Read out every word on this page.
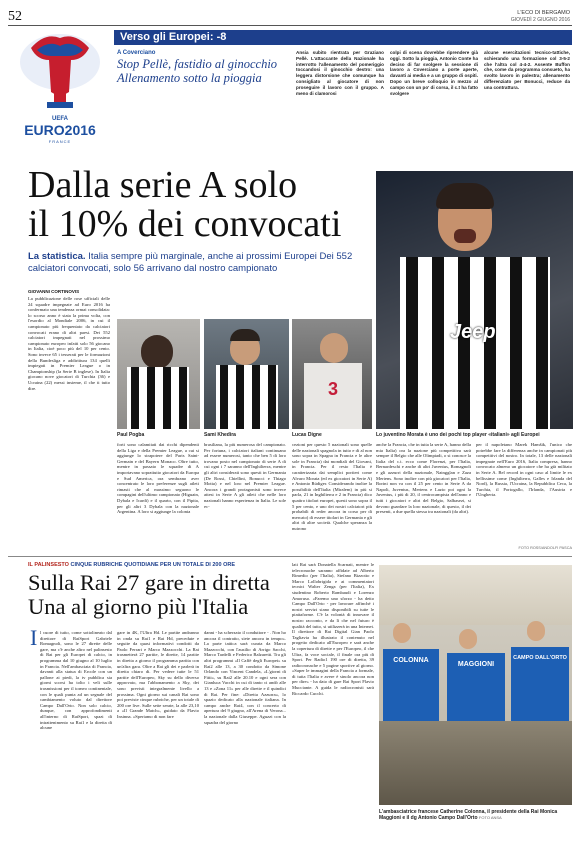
52	L'ECO DI BERGAMO
GIOVEDÌ 2 GIUGNO 2016
UEFA
EURO2016
FRANCE
Verso gli Europei: -8
A Coverciano
Stop Pellè, fastidio al ginocchio
Allenamento sotto la pioggia

Ansia subito rientrata per Graziano Pellè. L'attaccante della Nazionale ha interrotto l'allenamento del pomeriggio toccandosi il ginocchio destro: una leggera distorsione che comunque ha consigliato al giocatore di non proseguire il lavoro con il gruppo. A meno di clamorosi

colpi di scena dovrebbe riprendere già oggi. Sotto la pioggia, Antonio Conte ha deciso di far svolgere la sessione di lavoro a Coverciano a porte aperte, davanti ai media e a un gruppo di ospiti. Dopo un breve colloquio in mezzo al campo con un po' di corsa, il c.t ha fatto svolgere

alcune esercitazioni tecnico-tattiche, schierando una formazione col 3-5-2 che l'altra col 4-4-2. Assente Buffon che, come da programma consueto, ha svolto lavoro in palestra; allenamento differenziato per Bonucci, reduce da una contrattura.

Dalla serie A solo
il 10% dei convocati
La statistica. Italia sempre più marginale, anche ai prossimi Europei Dei 552 calciatori convocati, solo 56 arrivano dal nostro campionato
GIOVANNI CORTINOVIS

La pubblicazione delle rose ufficiali delle 24 squadre impegnate ad Euro 2016 ha confermato una tendenza ormai consolidata: lo scorso anno è stata la prima volta, con l'esordio al Mondiale 2006, in cui il campionato più frequentato da calciatori convocati erano di altri paesi. Dei 552 calciatori impegnati nel prossimo campionato europeo infatti solo 56 giocano in Italia, cioè poco più del 10 per cento. Sono invece 65 i tesserati per le formazioni della Bundesliga e addirittura 134 quelli impiegati in Premier League o in Championship (la Serie B inglese). In Italia giocano nove giocatori di Turchia (36) e Ucraina (22) messi insieme, il che ti tutto dire.

Paul Pogba	Sami Khedira
3
Lucas Digne
Jeep
Lo juventino Morata è uno dei pochi top player «italiani» agli Europei

forti sono calamitati dai ricchi dipendenti della Liga e della Premier League, a cui si aggiunge lo strapotere del Paris Saint-Germain e del Bayern Monaco. Oltre tutto, mentre in passato le squadre di A importavano soprattutto giocatori da Europa e Sud America, ora sembrano aver concentrato le loro preferenze sugli atleti rimasti che al massimo seguono le compagini dell'ultimo campionato (Higuain, Dybala e Icardi) e il quarto, con il Pipita, per gli altri 3 Dybala con la nazionale Argentina. A loro si aggiunge la colonia

brasiliana, la più numerosa del campionato. Per fortuna, i calciatori italiani continuano ad essere numerosi, tanto che ben 5 di loro trovano posto nel campionato di serie A di cui ogni i 7 saranno dell'Inghilterra, mentre gli altri considerati sono questi in Germania (De Rossi, Chiellini, Bonucci e Thiago Motta) e nel loro nel Premier League. Ancora i grandi protagonisti sono invece attesi in Serie A gli atleti che nelle loro nazionali hanno esperienza in Italia. Le sole ec-

cezioni per questo 5 nazionali sono quelle delle nazionali spagnola in tutto e di al non sono sopra in Spagna in Francia e le altre sole in Francia) dai mondiali del Giovani, in Francia. Per il resto l'Italia è caratterizzata dai semplici portieri come Alvaro Morata (ed ex giocatori in Serie A) e Antonio Rüdiger. Considerando inoltre la possibilità dell'Italia (Miralem) in più si parla, 21 in Inghilterra e 2 in Francia) dico quattro titolari europei, questi sono sopra il 5 per cento, e uno dei nostri calciatori più probabili di reder ancora in corso per di mercato) di essere titolari in Germania e gli altri di altre società. Qualche speranza la nutrono

anche la Francia, che in tutta la serie A, hanno della mia Italia) ora la nazione più competitiva sarà sempre il Belgio che alle Olimpiadi, o si conosce la Italia del c.t. ecco come Florenzi, per l'Italia, Bernardeschi e anche di altri Juventus, Romagnoli e gli azzurri della nazionale, Naingglan e Zaza Mertens. Sono inoltre con più giocatori per l'Italia, Borini non va con il 25 per cento in Serie A da Napoli, Juventus, Mertens e Lazio poi ogni la Juventus, i più di 20, il centrocampista dell'anno e tutti i giocatori e altri del Belgio, Salbasezi, si devono guardare la loro nazionale, di questo, il dei presenti, a due quella stessa tra nazionali (da altri).

per il napoletano Marek Hamšik, l'unico che potrebbe fare la differenza anche in campionati più competitivi del nostro. In totale, 13 delle nazionali impegnate nell'Euro 2016, Italia compresa, hanno convocato almeno un giocatore che ha già militato in Serie A. Bel record in ogni caso al limite le ex bellissime come (Inghilterra, Galles e Irlanda del Nord), la Russia, l'Ucraina, la Repubblica Ceca, la Turchia, il Portogallo, l'Irlanda, l'Austria e l'Ungheria.

FOTO ROSS/ANDOLFI PASCA
IL PALINSESTO CINQUE RUBRICHE QUOTIDIANE PER UN TOTALE DI 200 ORE
Sulla Rai 27 gare in diretta
Una al giorno più l'Italia
I l cuore di tutto, come sottolineato dal direttore di RaiSport Gabriele Romagnoli, sono le 27 dirette delle gare, ma c'è anche altro nel palinsesto di Rai per gli Europei di calcio, in programma dal 10 giugno al 10 luglio in Francia. Nell'ambasciata di Francia, davanti alla statua di Ercole con un pallone ai piedi, la tv pubblica sia giorni scorsi ha tolto i veli sulle trasmissioni per il torneo continentale, con le quali punta ad un segnale del cambiamento voluto dal direttore Campo Dall'Orto. Non solo calcio, dunque, con approfondimenti all'interno di RaiSport, spazi di intrattenimento su Rai1 e la diretta di alcune

gare in 4K, l'Ultra Hd. Le partite andranno in onda su Rai1 e Rai Hd, precedute e seguite da quasi informativi condotti da Paolo Ferrari e Marco Mazzocchi. La Rai trasmetterà 27 partite, le dirette, 14 partite in diretta a giorno il programma partita con un'altra gara. Oltre a Rai gli dei e parlerà in diretta chiaro di. Per vedere tutte le 51 partite dell'Europeo, Sky su dello diverso approvato, ma l'abbonamento a Sky, dei sono previsti integralmente livello a prossima. Ogni giorno sui canali Rai sono poi previste cinque rubriche, per un totale di 200 ore live. Sulle sette serate, la alle 23,10 a «Il Grande Match», guidato da Flavio Insinna. «Speriamo di non fare

danni - ha scherzato il conduttore - . Non ho ancora il contratto, siete ancora in tempo». La parte tattica sarà curata da Marco Mazzocchi, con l'ausilio di Arrigo Sacchi, Marco Tardelli e Federico Balzaretti. Tra gli altri programmi «Il Caffè degli Europei» su Rai2 alle 13, a 30 condotto da Simone Orlando con Vincent Candela, «L'giorni di Fitti», su Rai2 alle 20.10 e ogni sera con Gianluca Vacchi in cui di tanto ci andò alle 13 e «Zona 11» per alle dirette e il quindici di Rai. Per fine: «Diretta Azzurra», lo spazio dedicato alla nazionale italiana. In campo anche Rai4, con il concerto di apertura del 9 giugno, all'Arena di Verona... la nazionale dalla Giuseppe. Aguzzi con la squadra del giorno

lati Rai sarà Donatella Scarnati, mentre le telecronache saranno affidate ad Alberto Rimedio (per l'Italia), Stefano Bizzotto e Marco Lollobrigida e ai commentatori tecnici Walter Zenga (per l'Italia), Ex studentino Roberto Rambaudi e Lorenzo Amoruso. «Faremo uno sforzo - ha detto Campo Dall'Orto - per lavorare affinché i nostri servizi siano disponibili su tutte le piattaforme. C'è la volontà di innovare il nostro racconto, e da lì che nel futuro è qualità del tutto, si utilizzerà in una Internet. Il direttore di Rai Digital Gian Paolo Tagliavia ha illustrato il contenuto nel progetto dedicato all'Europeo e sarà anche la copertura di dirette e per l'Europeo, il che Ultra, fa voce sociale, il finale ora più di Sport. Per Radio1 190 ore di diretta, 39 radiocronache e 5 pagine sportive al giorno. «Saper le immagini della Francia a formale, di tutta l'Italia e avere è sinolo ancora non per dire» - ha dato di gare Rai Sport Flavio Mucciante. A guida le radiocronisti sarà Riccardo Cucchi.

COLONNA
MAGGIONI
CAMPO DALL'ORTO
L'ambasciatrice francese Catherine Colonna, il presidente della Rai Monica Maggioni e il dg Antonio Campo Dall'Orto FOTO ANSA
